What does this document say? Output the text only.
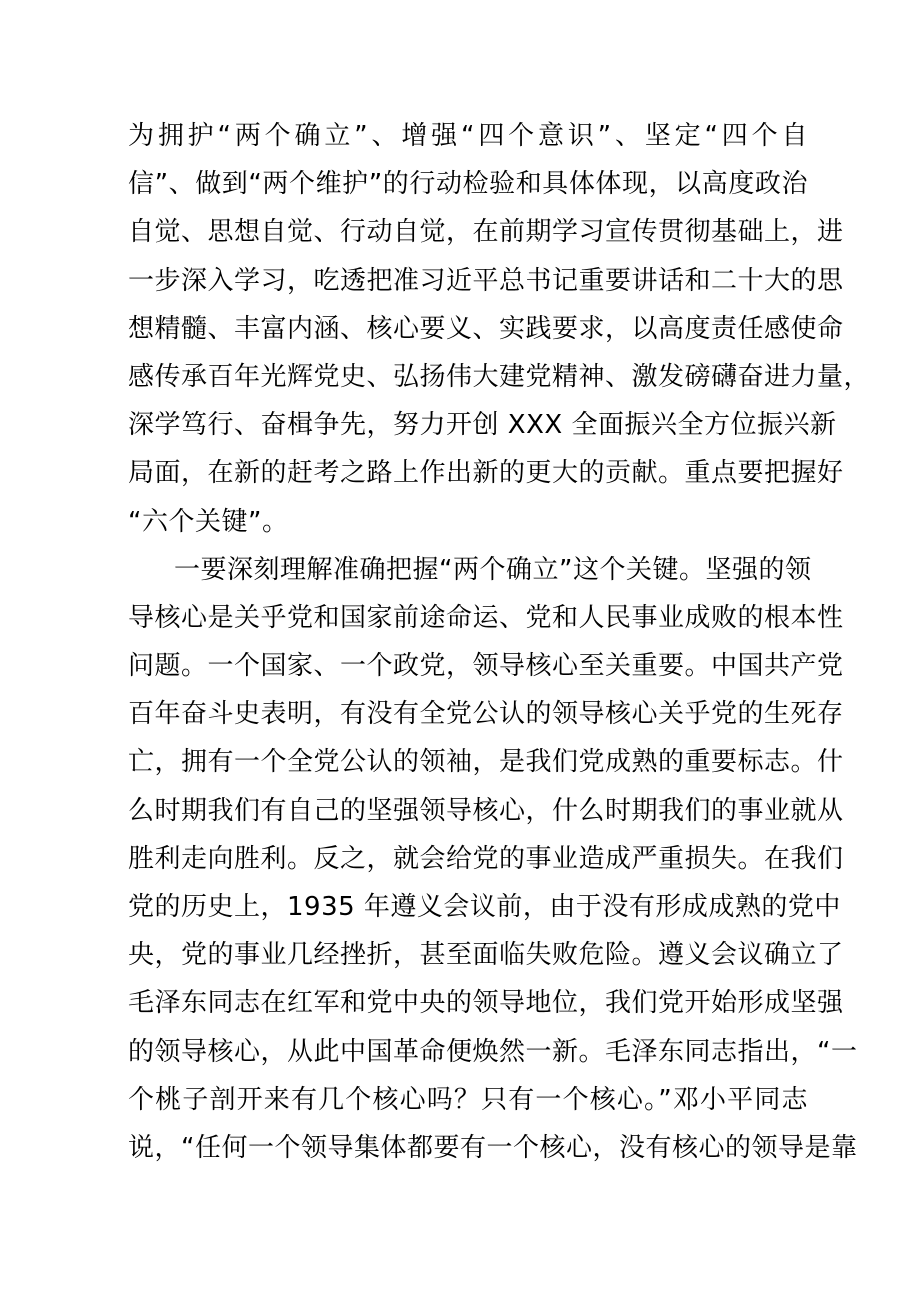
为拥护“两个确立”、增强“四个意识”、坚定“四个自
信”、做到“两个维护”的行动检验和具体体现，以高度政治
自觉、思想自觉、行动自觉，在前期学习宣传贯彻基础上，进
一步深入学习，吃透把准习近平总书记重要讲话和二十大的思
想精髓、丰富内涵、核心要义、实践要求，以高度责任感使命
感传承百年光辉党史、弘扬伟大建党精神、激发磅礴奋进力量，
深学笃行、奋楫争先，努力开创 XXX 全面振兴全方位振兴新
局面，在新的赶考之路上作出新的更大的贡献。重点要把握好
“六个关键”。
一要深刻理解准确把握“两个确立”这个关键。坚强的领
导核心是关乎党和国家前途命运、党和人民事业成败的根本性
问题。一个国家、一个政党，领导核心至关重要。中国共产党
百年奋斗史表明，有没有全党公认的领导核心关乎党的生死存
亡，拥有一个全党公认的领袖，是我们党成熟的重要标志。什
么时期我们有自己的坚强领导核心，什么时期我们的事业就从
胜利走向胜利。反之，就会给党的事业造成严重损失。在我们
党的历史上，1935 年遵义会议前，由于没有形成成熟的党中
央，党的事业几经挫折，甚至面临失败危险。遵义会议确立了
毛泽东同志在红军和党中央的领导地位，我们党开始形成坚强
的领导核心，从此中国革命便焕然一新。毛泽东同志指出，“一
个桃子剖开来有几个核心吗？只有一个核心。”邓小平同志
说，“任何一个领导集体都要有一个核心，没有核心的领导是靠
